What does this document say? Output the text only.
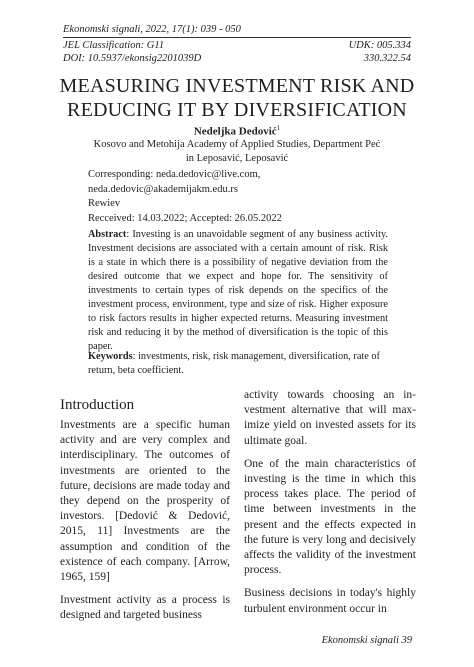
Ekonomski signali, 2022, 17(1): 039 - 050
JEL Classification: G11	UDK: 005.334
DOI: 10.5937/ekonsig2201039D	330.322.54
MEASURING INVESTMENT RISK AND
REDUCING IT BY DIVERSIFICATION
Nedeljka Dedović$^1$
Kosovo and Metohija Academy of Applied Studies, Department Peć
in Leposavić, Leposavić
Corresponding: neda.dedovic@live.com,
neda.dedovic@akademijakm.edu.rs
Rewiev
Recceived: 14.03.2022; Accepted: 26.05.2022
Abstract: Investing is an unavoidable segment of any business activity. Investment decisions are associated with a certain amount of risk. Risk is a state in which there is a possibility of negative deviation from the desired outcome that we expect and hope for. The sensitivity of investments to certain types of risk depends on the specifics of the investment process, environment, type and size of risk. Higher exposure to risk factors results in higher expected returns. Measuring investment risk and reducing it by the method of diversification is the topic of this paper.
Keywords: investments, risk, risk management, diversification, rate of return, beta coefficient.
Introduction

Investments are a specific human activity and are very complex and interdisciplinary. The outcomes of investments are oriented to the future, decisions are made today and they depend on the prosperity of investors. [Dedović & Dedović, 2015, 11] Investments are the assumption and condition of the existence of each company. [Arrow, 1965, 159]

Investment activity as a process is designed and targeted business

activity towards choosing an in-vestment alternative that will max-imize yield on invested assets for its ultimate goal.

One of the main characteristics of investing is the time in which this process takes place. The period of time between investments in the present and the effects expected in the future is very long and decisively affects the validity of the investment process.

Business decisions in today's highly turbulent environment occur in

Ekonomski signali 39
